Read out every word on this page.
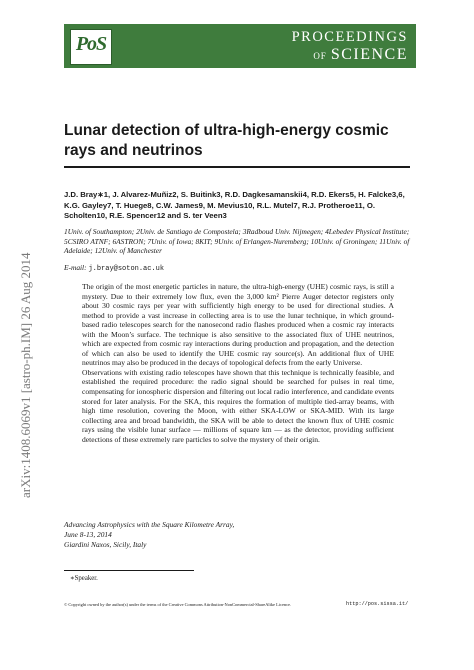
PoS	PROCEEDINGS
OF SCIENCE
arXiv:1408.6069v1 [astro-ph.IM] 26 Aug 2014
Lunar detection of ultra-high-energy cosmic rays and neutrinos
J.D. Bray∗1, J. Alvarez-Muñiz2, S. Buitink3, R.D. Dagkesamanskii4, R.D. Ekers5, H. Falcke3,6, K.G. Gayley7, T. Huege8, C.W. James9, M. Mevius10, R.L. Mutel7, R.J. Protheroe11, O. Scholten10, R.E. Spencer12 and S. ter Veen3
1Univ. of Southampton; 2Univ. de Santiago de Compostela; 3Radboud Univ. Nijmegen; 4Lebedev Physical Institute; 5CSIRO ATNF; 6ASTRON; 7Univ. of Iowa; 8KIT; 9Univ. of Erlangen-Nuremberg; 10Univ. of Groningen; 11Univ. of Adelaide; 12Univ. of Manchester
E-mail: j.bray@soton.ac.uk

The origin of the most energetic particles in nature, the ultra-high-energy (UHE) cosmic rays, is still a mystery. Due to their extremely low flux, even the 3,000 km² Pierre Auger detector registers only about 30 cosmic rays per year with sufficiently high energy to be used for directional studies. A method to provide a vast increase in collecting area is to use the lunar technique, in which ground-based radio telescopes search for the nanosecond radio flashes produced when a cosmic ray interacts with the Moon’s surface. The technique is also sensitive to the associated flux of UHE neutrinos, which are expected from cosmic ray interactions during production and propagation, and the detection of which can also be used to identify the UHE cosmic ray source(s). An additional flux of UHE neutrinos may also be produced in the decays of topological defects from the early Universe.

Observations with existing radio telescopes have shown that this technique is technically feasible, and established the required procedure: the radio signal should be searched for pulses in real time, compensating for ionospheric dispersion and filtering out local radio interference, and candidate events stored for later analysis. For the SKA, this requires the formation of multiple tied-array beams, with high time resolution, covering the Moon, with either SKA-LOW or SKA-MID. With its large collecting area and broad bandwidth, the SKA will be able to detect the known flux of UHE cosmic rays using the visible lunar surface — millions of square km — as the detector, providing sufficient detections of these extremely rare particles to solve the mystery of their origin.

Advancing Astrophysics with the Square Kilometre Array,
June 8-13, 2014
Giardini Naxos, Sicily, Italy
∗Speaker.
© Copyright owned by the author(s) under the terms of the Creative Commons Attribution-NonCommercial-ShareAlike Licence.	http://pos.sissa.it/
